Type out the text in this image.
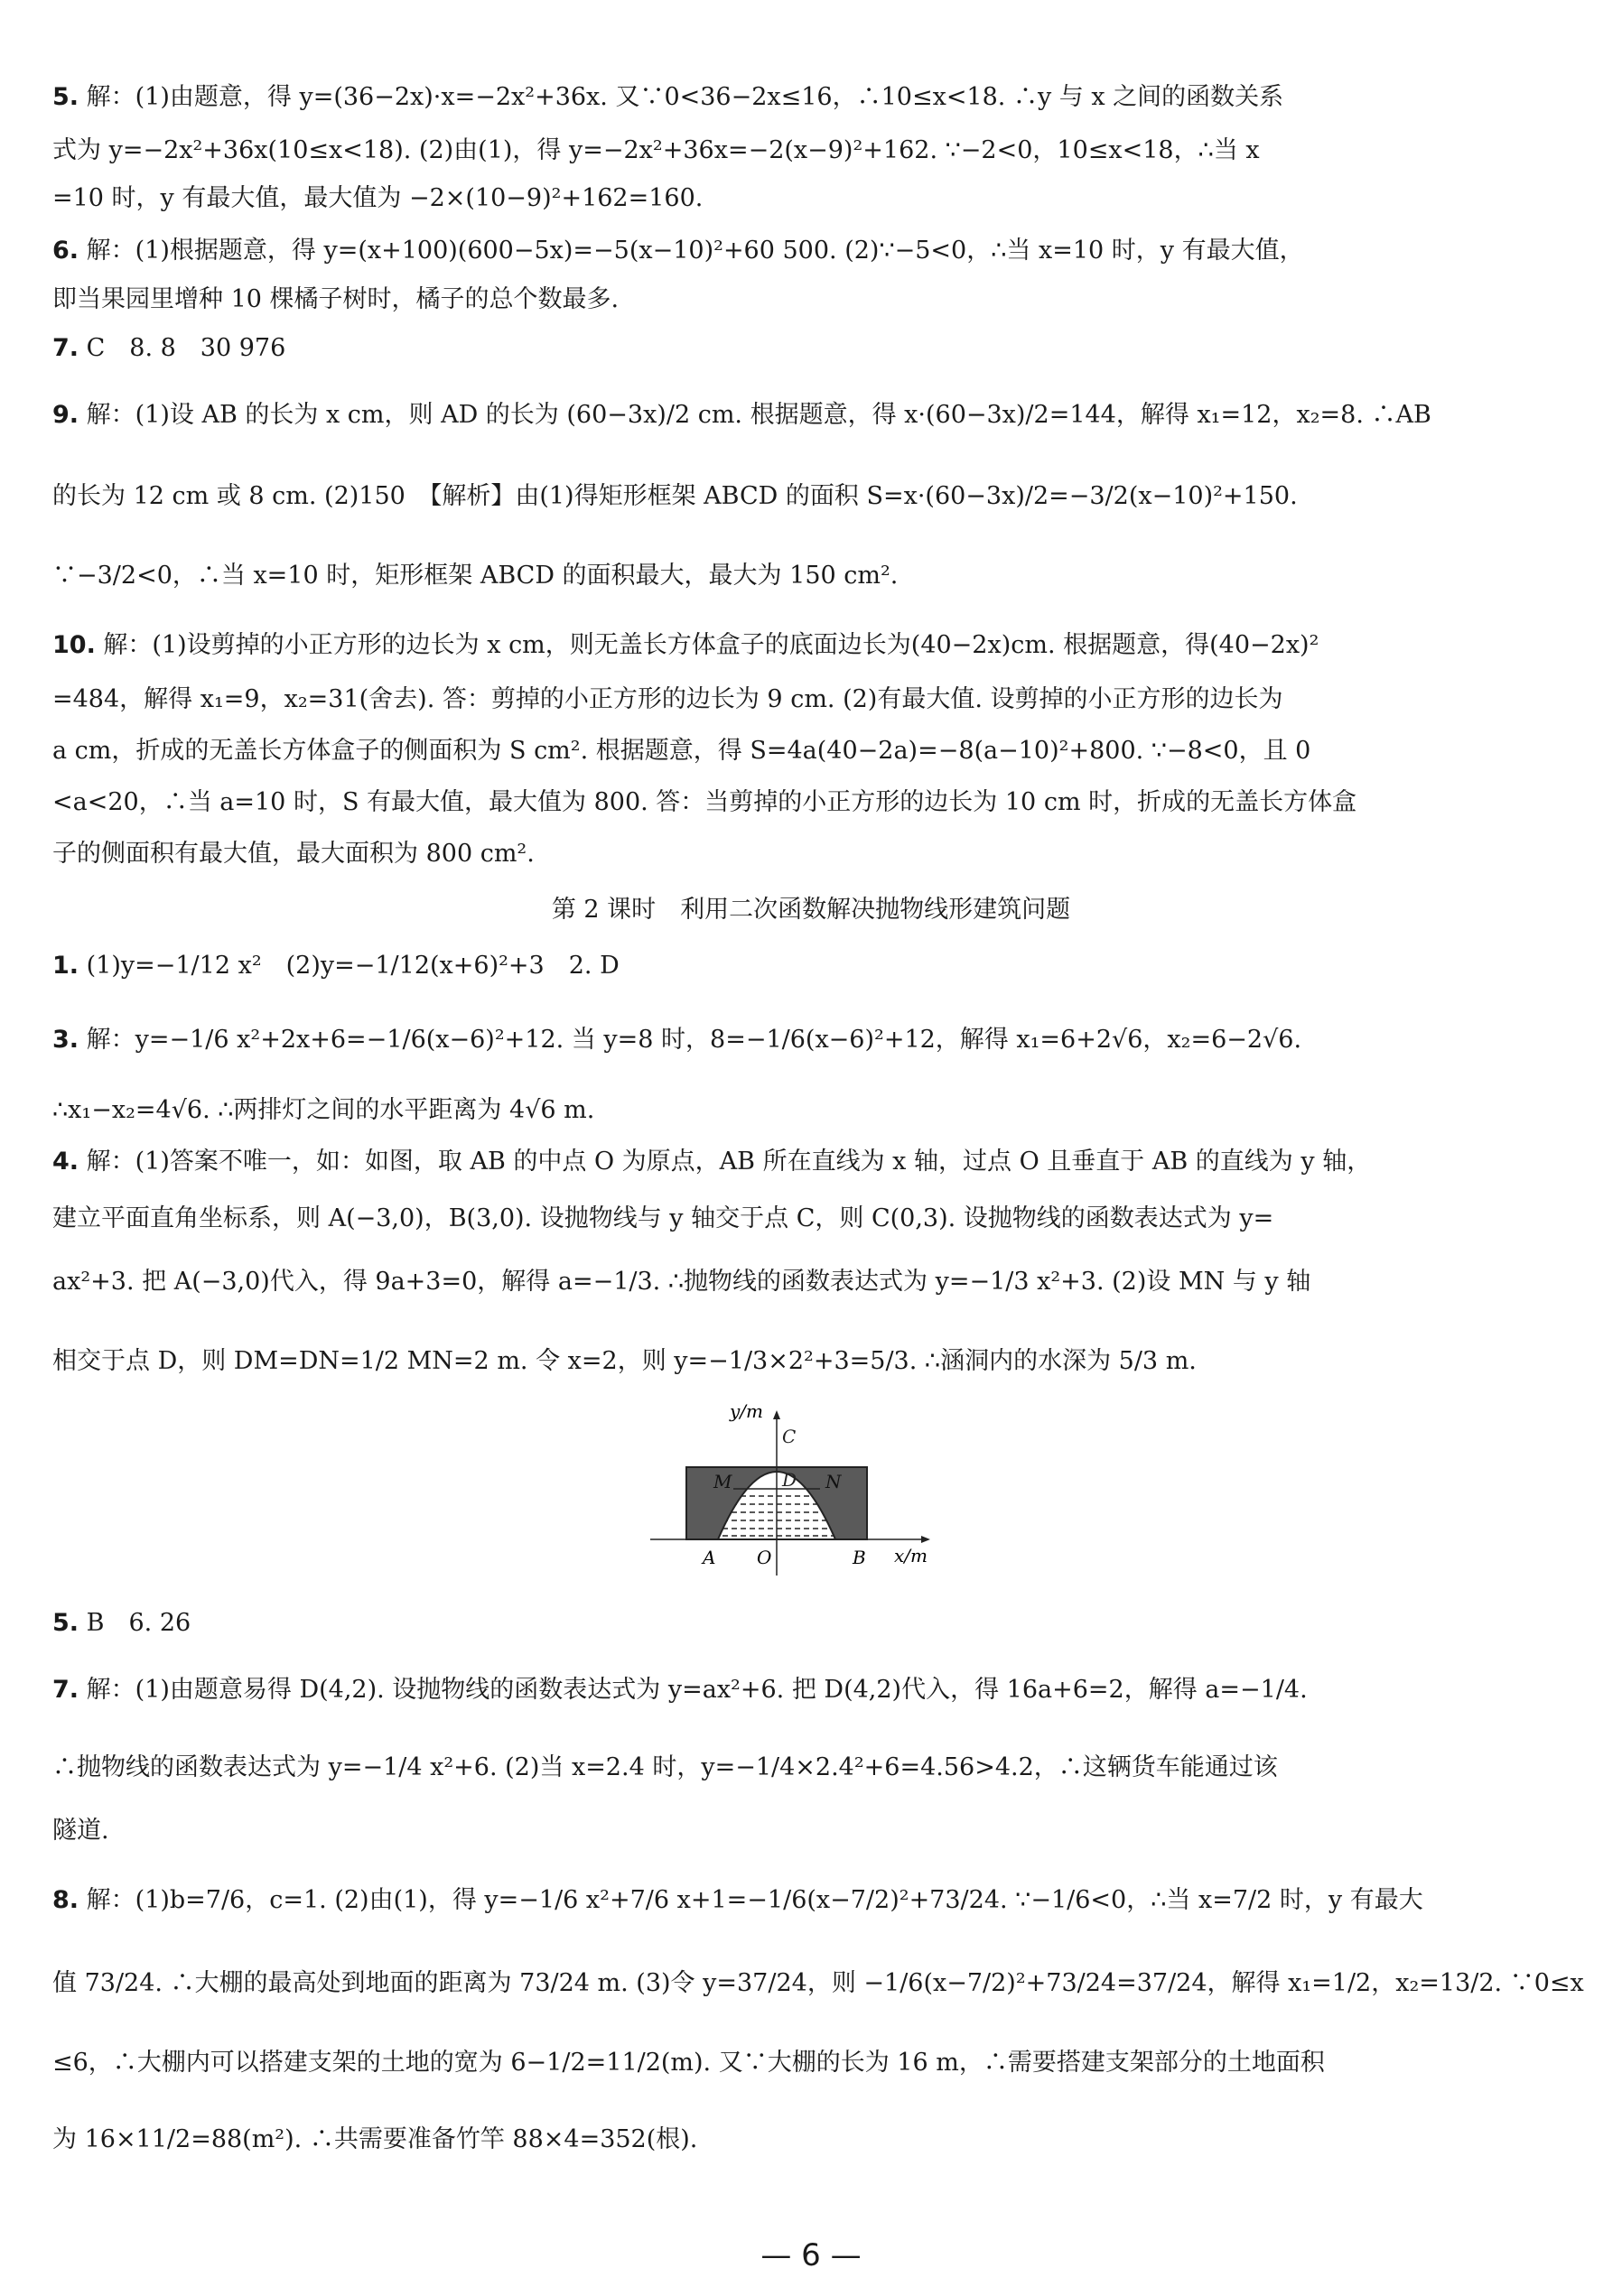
5. 解：(1)由题意，得 y=(36−2x)·x=−2x²+36x. 又∵0<36−2x≤16，∴10≤x<18. ∴y 与 x 之间的函数关系
式为 y=−2x²+36x(10≤x<18). (2)由(1)，得 y=−2x²+36x=−2(x−9)²+162. ∵−2<0，10≤x<18，∴当 x
=10 时，y 有最大值，最大值为 −2×(10−9)²+162=160.
6. 解：(1)根据题意，得 y=(x+100)(600−5x)=−5(x−10)²+60 500. (2)∵−5<0，∴当 x=10 时，y 有最大值，
即当果园里增种 10 棵橘子树时，橘子的总个数最多.
7. C　8. 8　30 976
9. 解：(1)设 AB 的长为 x cm，则 AD 的长为 (60−3x)/2 cm. 根据题意，得 x·(60−3x)/2=144，解得 x₁=12，x₂=8. ∴AB
的长为 12 cm 或 8 cm. (2)150　【解析】由(1)得矩形框架 ABCD 的面积 S=x·(60−3x)/2=−3/2(x−10)²+150.
∵−3/2<0，∴当 x=10 时，矩形框架 ABCD 的面积最大，最大为 150 cm².
10. 解：(1)设剪掉的小正方形的边长为 x cm，则无盖长方体盒子的底面边长为(40−2x)cm. 根据题意，得(40−2x)²
=484，解得 x₁=9，x₂=31(舍去). 答：剪掉的小正方形的边长为 9 cm. (2)有最大值. 设剪掉的小正方形的边长为
a cm，折成的无盖长方体盒子的侧面积为 S cm². 根据题意，得 S=4a(40−2a)=−8(a−10)²+800. ∵−8<0，且 0
<a<20，∴当 a=10 时，S 有最大值，最大值为 800. 答：当剪掉的小正方形的边长为 10 cm 时，折成的无盖长方体盒
子的侧面积有最大值，最大面积为 800 cm².
第 2 课时　利用二次函数解决抛物线形建筑问题
1. (1)y=−1/12 x²　(2)y=−1/12(x+6)²+3　2. D
3. 解：y=−1/6 x²+2x+6=−1/6(x−6)²+12. 当 y=8 时，8=−1/6(x−6)²+12，解得 x₁=6+2√6，x₂=6−2√6.
∴x₁−x₂=4√6. ∴两排灯之间的水平距离为 4√6 m.
4. 解：(1)答案不唯一，如：如图，取 AB 的中点 O 为原点，AB 所在直线为 x 轴，过点 O 且垂直于 AB 的直线为 y 轴，
建立平面直角坐标系，则 A(−3,0)，B(3,0). 设抛物线与 y 轴交于点 C，则 C(0,3). 设抛物线的函数表达式为 y=
ax²+3. 把 A(−3,0)代入，得 9a+3=0，解得 a=−1/3. ∴抛物线的函数表达式为 y=−1/3 x²+3. (2)设 MN 与 y 轴
相交于点 D，则 DM=DN=1/2 MN=2 m. 令 x=2，则 y=−1/3×2²+3=5/3. ∴涵洞内的水深为 5/3 m.
y/m
x/m
C
M	N
D
A O	B
5. B　6. 26
7. 解：(1)由题意易得 D(4,2). 设抛物线的函数表达式为 y=ax²+6. 把 D(4,2)代入，得 16a+6=2，解得 a=−1/4.
∴抛物线的函数表达式为 y=−1/4 x²+6. (2)当 x=2.4 时，y=−1/4×2.4²+6=4.56>4.2，∴这辆货车能通过该
隧道.
8. 解：(1)b=7/6，c=1. (2)由(1)，得 y=−1/6 x²+7/6 x+1=−1/6(x−7/2)²+73/24. ∵−1/6<0，∴当 x=7/2 时，y 有最大
值 73/24. ∴大棚的最高处到地面的距离为 73/24 m. (3)令 y=37/24，则 −1/6(x−7/2)²+73/24=37/24，解得 x₁=1/2，x₂=13/2. ∵0≤x
≤6，∴大棚内可以搭建支架的土地的宽为 6−1/2=11/2(m). 又∵大棚的长为 16 m，∴需要搭建支架部分的土地面积
为 16×11/2=88(m²). ∴共需要准备竹竿 88×4=352(根).
— 6 —
